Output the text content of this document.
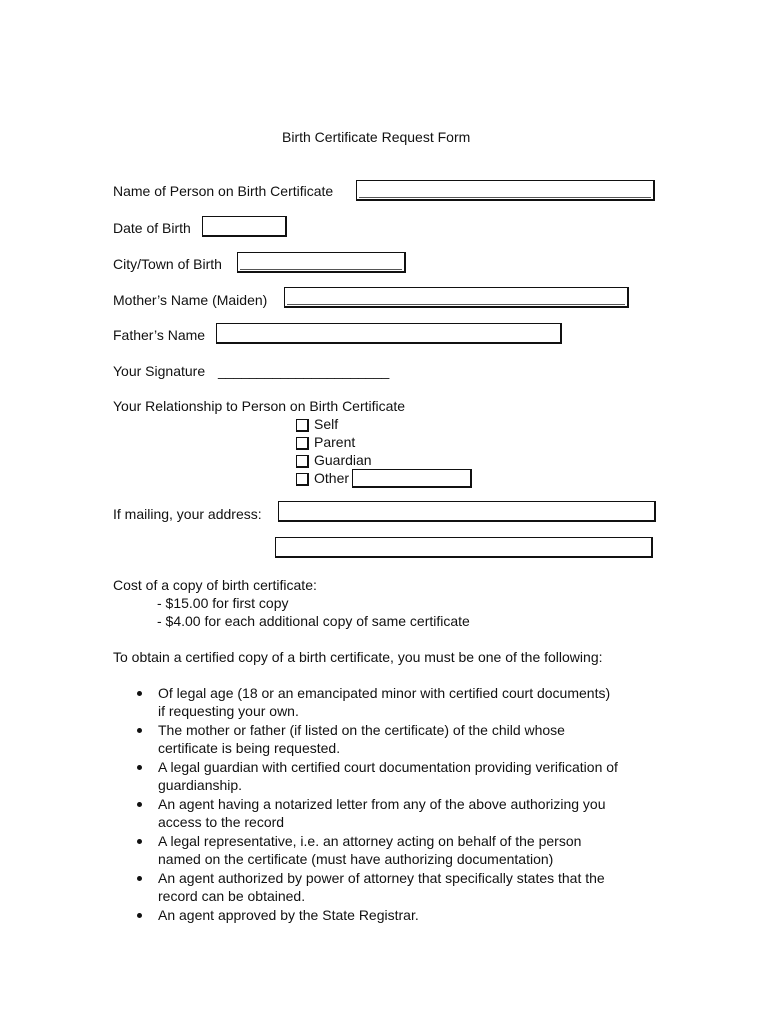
Birth Certificate Request Form
Name of Person on Birth Certificate
Date of Birth
City/Town of Birth
Mother’s Name (Maiden)
Father’s Name
Your Signature ______________________
Your Relationship to Person on Birth Certificate
Self
Parent
Guardian
Other
If mailing, your address:
Cost of a copy of birth certificate:
- $15.00 for first copy
- $4.00 for each additional copy of same certificate
To obtain a certified copy of a birth certificate, you must be one of the following:
Of legal age (18 or an emancipated minor with certified court documents)
if requesting your own.
The mother or father (if listed on the certificate) of the child whose
certificate is being requested.
A legal guardian with certified court documentation providing verification of
guardianship.
An agent having a notarized letter from any of the above authorizing you
access to the record
A legal representative, i.e. an attorney acting on behalf of the person
named on the certificate (must have authorizing documentation)
An agent authorized by power of attorney that specifically states that the
record can be obtained.
An agent approved by the State Registrar.
